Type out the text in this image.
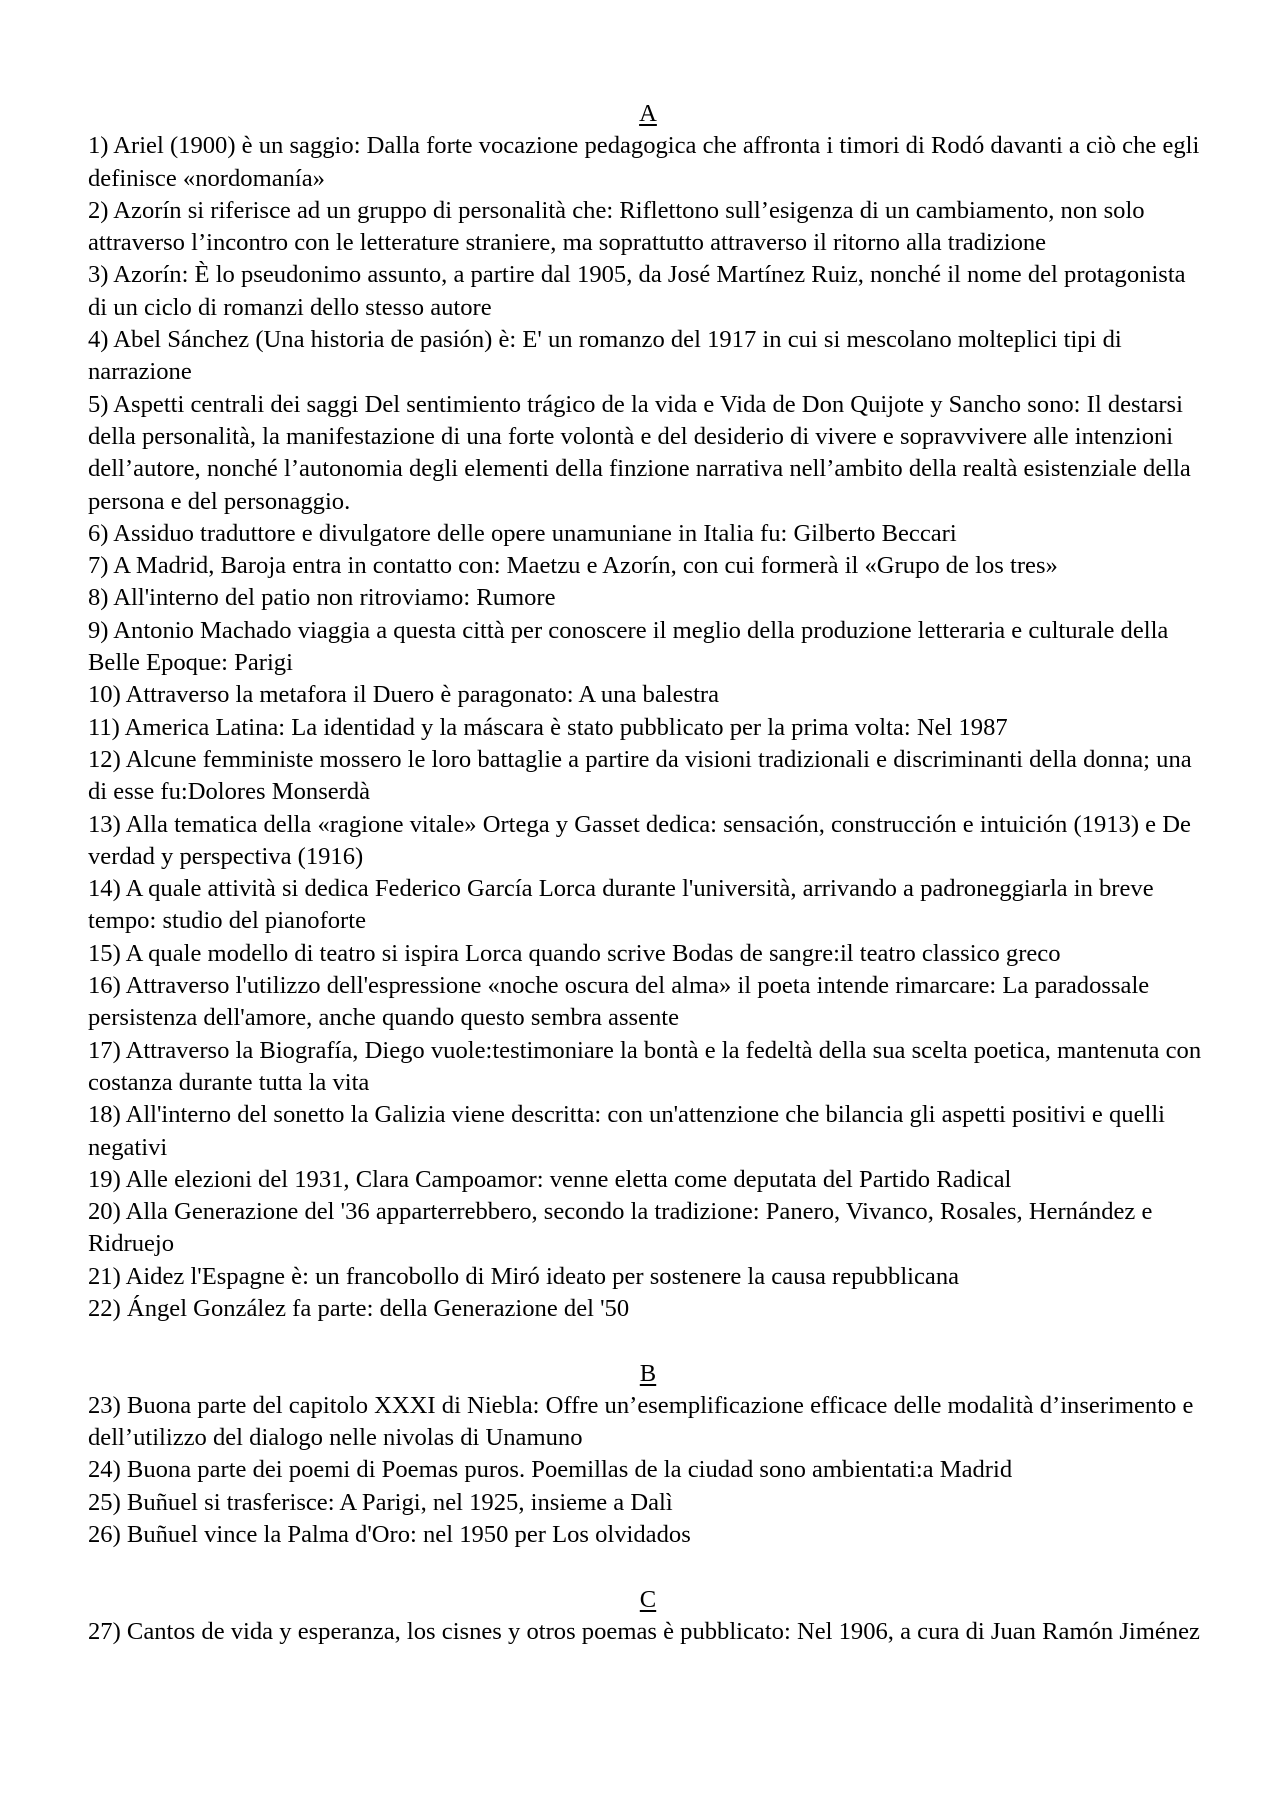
A
1) Ariel (1900) è un saggio: Dalla forte vocazione pedagogica che affronta i timori di Rodó davanti a ciò che egli definisce «nordomanía»
2) Azorín si riferisce ad un gruppo di personalità che: Riflettono sull’esigenza di un cambiamento, non solo attraverso l’incontro con le letterature straniere, ma soprattutto attraverso il ritorno alla tradizione
3) Azorín: È lo pseudonimo assunto, a partire dal 1905, da José Martínez Ruiz, nonché il nome del protagonista di un ciclo di romanzi dello stesso autore
4) Abel Sánchez (Una historia de pasión) è: E' un romanzo del 1917 in cui si mescolano molteplici tipi di narrazione
5) Aspetti centrali dei saggi Del sentimiento trágico de la vida e Vida de Don Quijote y Sancho sono: Il destarsi della personalità, la manifestazione di una forte volontà e del desiderio di vivere e sopravvivere alle intenzioni dell’autore, nonché l’autonomia degli elementi della finzione narrativa nell’ambito della realtà esistenziale della persona e del personaggio.
6) Assiduo traduttore e divulgatore delle opere unamuniane in Italia fu: Gilberto Beccari
7) A Madrid, Baroja entra in contatto con: Maetzu e Azorín, con cui formerà il «Grupo de los tres»
8) All'interno del patio non ritroviamo: Rumore
9) Antonio Machado viaggia a questa città per conoscere il meglio della produzione letteraria e culturale della Belle Epoque: Parigi
10) Attraverso la metafora il Duero è paragonato: A una balestra
11) America Latina: La identidad y la máscara è stato pubblicato per la prima volta: Nel 1987
12) Alcune femministe mossero le loro battaglie a partire da visioni tradizionali e discriminanti della donna; una di esse fu:Dolores Monserdà
13) Alla tematica della «ragione vitale» Ortega y Gasset dedica: sensación, construcción e intuición (1913) e De verdad y perspectiva (1916)
14) A quale attività si dedica Federico García Lorca durante l'università, arrivando a padroneggiarla in breve tempo: studio del pianoforte
15) A quale modello di teatro si ispira Lorca quando scrive Bodas de sangre:il teatro classico greco
16) Attraverso l'utilizzo dell'espressione «noche oscura del alma» il poeta intende rimarcare: La paradossale persistenza dell'amore, anche quando questo sembra assente
17) Attraverso la Biografía, Diego vuole:testimoniare la bontà e la fedeltà della sua scelta poetica, mantenuta con costanza durante tutta la vita
18) All'interno del sonetto la Galizia viene descritta: con un'attenzione che bilancia gli aspetti positivi e quelli negativi
19) Alle elezioni del 1931, Clara Campoamor: venne eletta come deputata del Partido Radical
20) Alla Generazione del '36 apparterrebbero, secondo la tradizione: Panero, Vivanco, Rosales, Hernández e Ridruejo
21) Aidez l'Espagne è: un francobollo di Miró ideato per sostenere la causa repubblicana
22) Ángel González fa parte: della Generazione del '50
B
23) Buona parte del capitolo XXXI di Niebla: Offre un’esemplificazione efficace delle modalità d’inserimento e dell’utilizzo del dialogo nelle nivolas di Unamuno
24) Buona parte dei poemi di Poemas puros. Poemillas de la ciudad sono ambientati:a Madrid
25) Buñuel si trasferisce: A Parigi, nel 1925, insieme a Dalì
26) Buñuel vince la Palma d'Oro: nel 1950 per Los olvidados
C
27) Cantos de vida y esperanza, los cisnes y otros poemas è pubblicato: Nel 1906, a cura di Juan Ramón Jiménez
